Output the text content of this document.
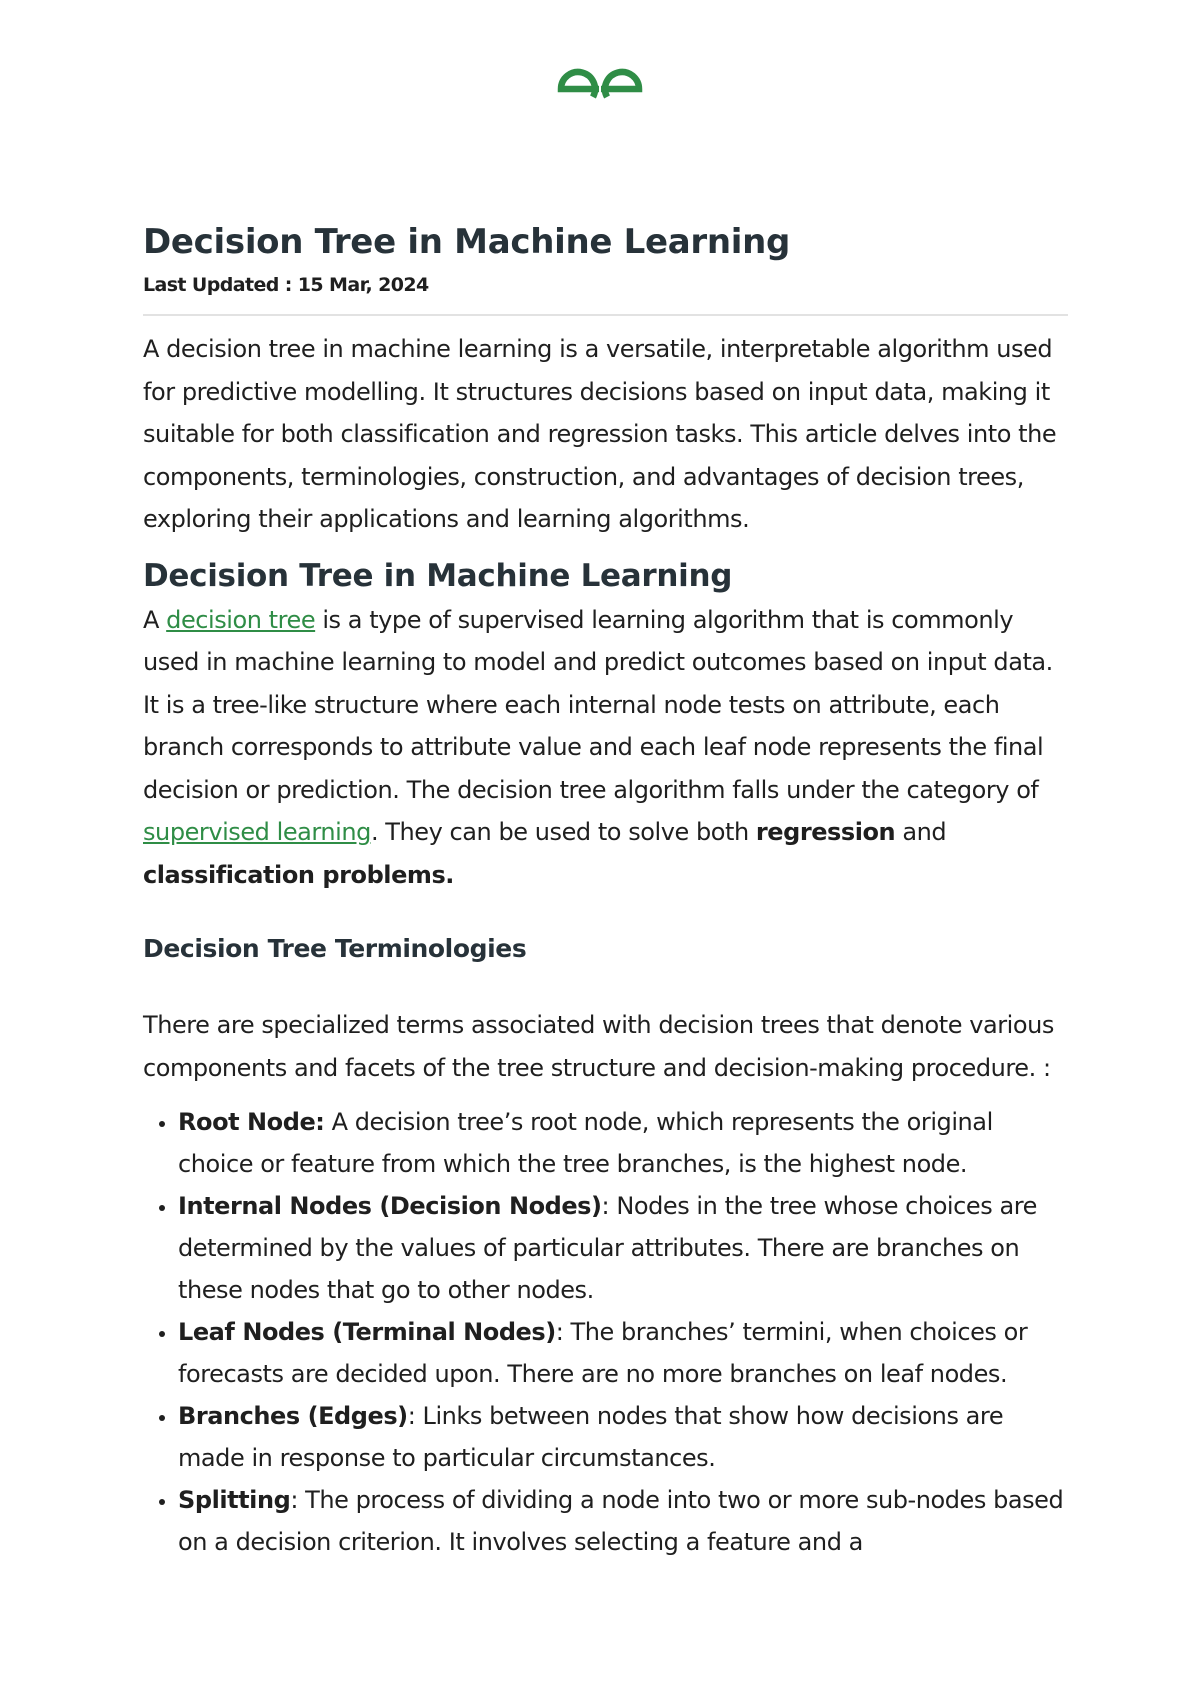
Decision Tree in Machine Learning
Last Updated : 15 Mar, 2024

A decision tree in machine learning is a versatile, interpretable algorithm used for predictive modelling. It structures decisions based on input data, making it suitable for both classification and regression tasks. This article delves into the components, terminologies, construction, and advantages of decision trees, exploring their applications and learning algorithms.

Decision Tree in Machine Learning

A decision tree is a type of supervised learning algorithm that is commonly used in machine learning to model and predict outcomes based on input data. It is a tree-like structure where each internal node tests on attribute, each branch corresponds to attribute value and each leaf node represents the final decision or prediction. The decision tree algorithm falls under the category of supervised learning. They can be used to solve both regression and classification problems.

Decision Tree Terminologies

There are specialized terms associated with decision trees that denote various components and facets of the tree structure and decision-making procedure. :

• Root Node: A decision tree’s root node, which represents the original choice or feature from which the tree branches, is the highest node.
• Internal Nodes (Decision Nodes): Nodes in the tree whose choices are determined by the values of particular attributes. There are branches on these nodes that go to other nodes.
• Leaf Nodes (Terminal Nodes): The branches’ termini, when choices or forecasts are decided upon. There are no more branches on leaf nodes.
• Branches (Edges): Links between nodes that show how decisions are made in response to particular circumstances.
• Splitting: The process of dividing a node into two or more sub-nodes based on a decision criterion. It involves selecting a feature and a
